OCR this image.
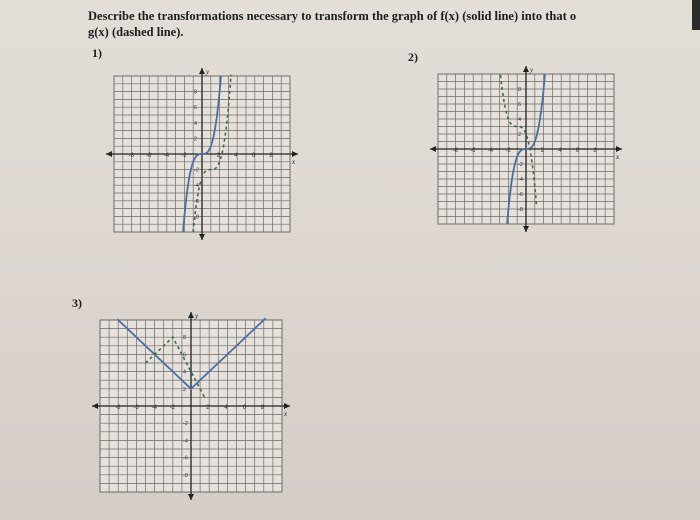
Describe the transformations necessary to transform the graph of f(x) (solid line) into that o
g(x) (dashed line).
1)	2)
3)
x
y
-8 -6 -4 -2	2 4 6 8
8
6
4
2
-2
-4
-6
-8
x
y
-8 -6 -4 -2	2 4 6 8
8
6
4
2
-2
-4
-6
-8
x
y
-8 -6 -4 -2	2 4 6 8
8
6
4
2
-2
-4
-6
-8
